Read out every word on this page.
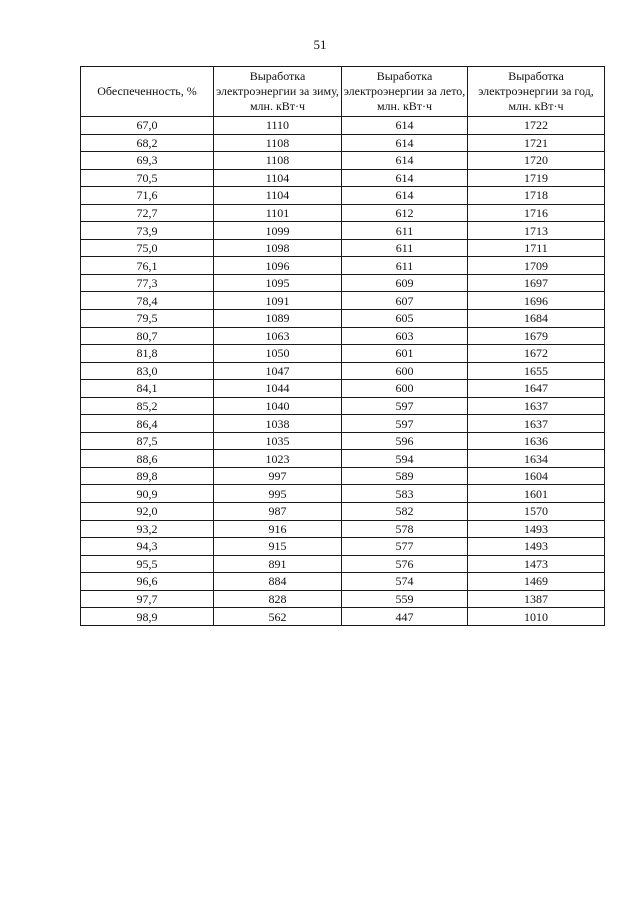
51
Обеспеченность, %	Выработка электроэнергии за зиму, млн. кВт·ч	Выработка электроэнергии за лето, млн. кВт·ч	Выработка электроэнергии за год, млн. кВт·ч
67,0	1110	614	1722
68,2	1108	614	1721
69,3	1108	614	1720
70,5	1104	614	1719
71,6	1104	614	1718
72,7	1101	612	1716
73,9	1099	611	1713
75,0	1098	611	1711
76,1	1096	611	1709
77,3	1095	609	1697
78,4	1091	607	1696
79,5	1089	605	1684
80,7	1063	603	1679
81,8	1050	601	1672
83,0	1047	600	1655
84,1	1044	600	1647
85,2	1040	597	1637
86,4	1038	597	1637
87,5	1035	596	1636
88,6	1023	594	1634
89,8	997	589	1604
90,9	995	583	1601
92,0	987	582	1570
93,2	916	578	1493
94,3	915	577	1493
95,5	891	576	1473
96,6	884	574	1469
97,7	828	559	1387
98,9	562	447	1010
